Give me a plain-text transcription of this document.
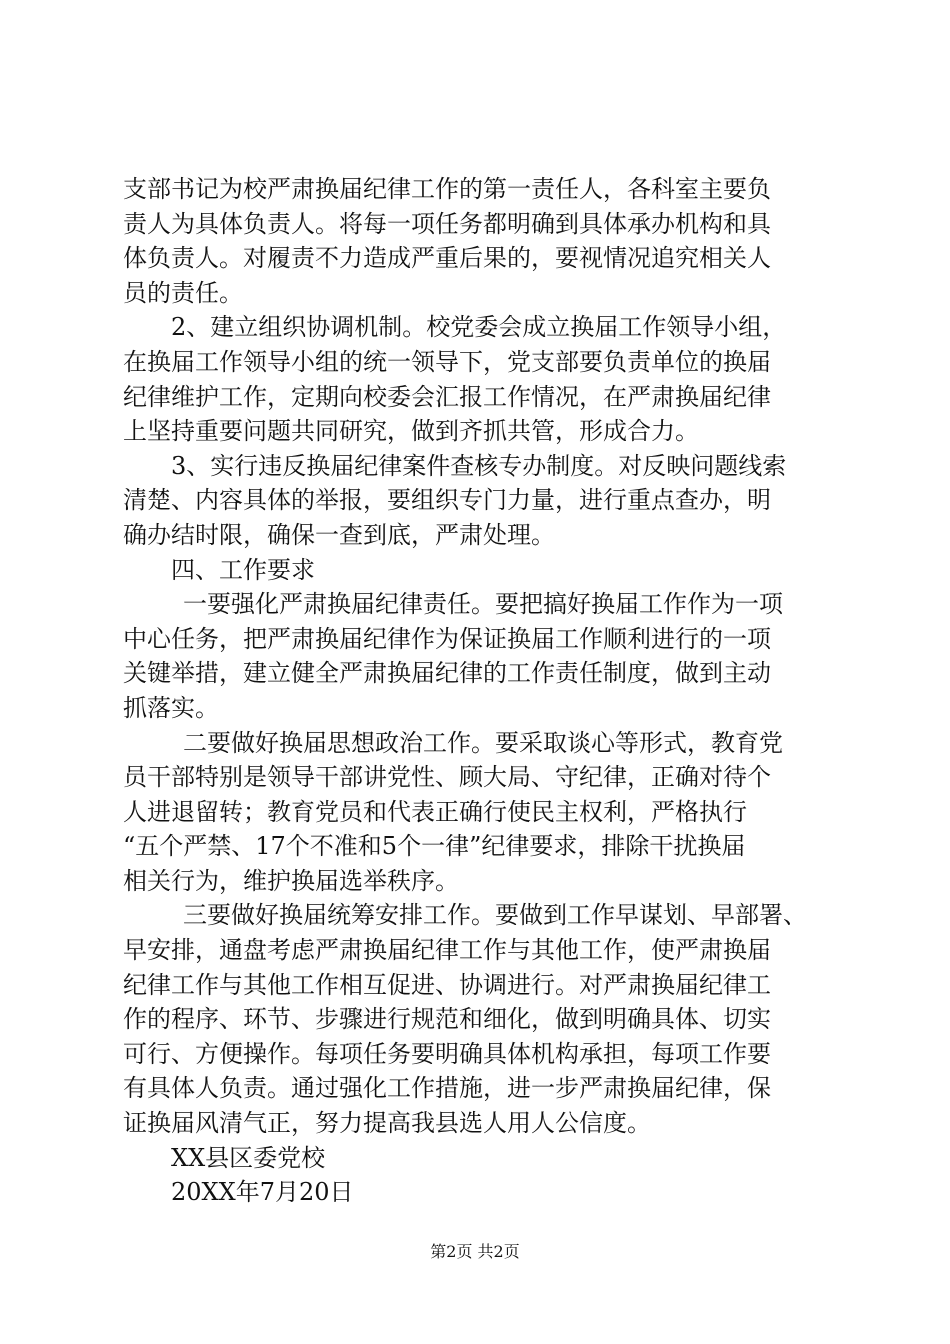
支部书记为校严肃换届纪律工作的第一责任人，各科室主要负
责人为具体负责人。将每一项任务都明确到具体承办机构和具
体负责人。对履责不力造成严重后果的，要视情况追究相关人
员的责任。
2、建立组织协调机制。校党委会成立换届工作领导小组，
在换届工作领导小组的统一领导下，党支部要负责单位的换届
纪律维护工作，定期向校委会汇报工作情况，在严肃换届纪律
上坚持重要问题共同研究，做到齐抓共管，形成合力。
3、实行违反换届纪律案件查核专办制度。对反映问题线索
清楚、内容具体的举报，要组织专门力量，进行重点查办，明
确办结时限，确保一查到底，严肃处理。
四、工作要求
一要强化严肃换届纪律责任。要把搞好换届工作作为一项
中心任务，把严肃换届纪律作为保证换届工作顺利进行的一项
关键举措，建立健全严肃换届纪律的工作责任制度，做到主动
抓落实。
二要做好换届思想政治工作。要采取谈心等形式，教育党
员干部特别是领导干部讲党性、顾大局、守纪律，正确对待个
人进退留转；教育党员和代表正确行使民主权利，严格执行
“五个严禁、17个不准和5个一律”纪律要求，排除干扰换届
相关行为，维护换届选举秩序。
三要做好换届统筹安排工作。要做到工作早谋划、早部署、
早安排，通盘考虑严肃换届纪律工作与其他工作，使严肃换届
纪律工作与其他工作相互促进、协调进行。对严肃换届纪律工
作的程序、环节、步骤进行规范和细化，做到明确具体、切实
可行、方便操作。每项任务要明确具体机构承担，每项工作要
有具体人负责。通过强化工作措施，进一步严肃换届纪律，保
证换届风清气正，努力提高我县选人用人公信度。
XX县区委党校
20XX年7月20日
第2页 共2页
